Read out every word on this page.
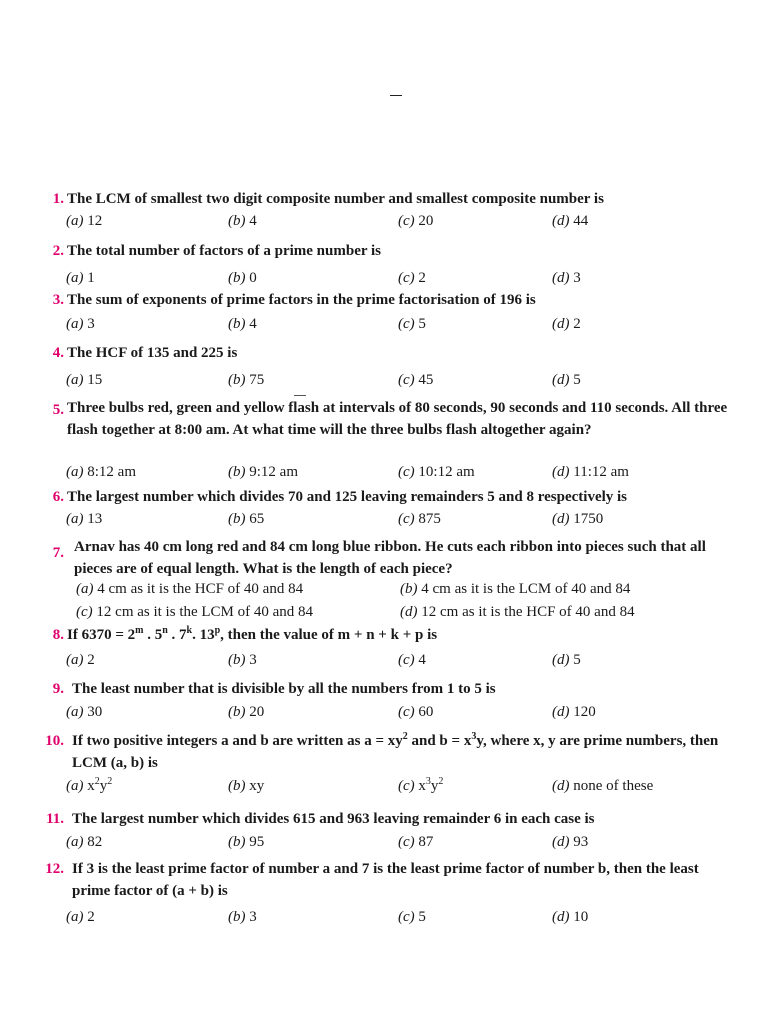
1. The LCM of smallest two digit composite number and smallest composite number is
(a) 12	(b) 4	(c) 20	(d) 44
2. The total number of factors of a prime number is
(a) 1	(b) 0	(c) 2	(d) 3
3. The sum of exponents of prime factors in the prime factorisation of 196 is
(a) 3	(b) 4	(c) 5	(d) 2
4. The HCF of 135 and 225 is
(a) 15	(b) 75	(c) 45	(d) 5
5. Three bulbs red, green and yellow flash at intervals of 80 seconds, 90 seconds and 110 seconds. All three flash together at 8:00 am. At what time will the three bulbs flash altogether again?
(a) 8:12 am	(b) 9:12 am	(c) 10:12 am	(d) 11:12 am
6. The largest number which divides 70 and 125 leaving remainders 5 and 8 respectively is
(a) 13	(b) 65	(c) 875	(d) 1750
7. Arnav has 40 cm long red and 84 cm long blue ribbon. He cuts each ribbon into pieces such that all pieces are of equal length. What is the length of each piece?
(a) 4 cm as it is the HCF of 40 and 84	(b) 4 cm as it is the LCM of 40 and 84
(c) 12 cm as it is the LCM of 40 and 84	(d) 12 cm as it is the HCF of 40 and 84
8. If $6370 = 2^m$ . 5$^n$ . 7$^k$. 13$^p$, then the value of m + n + k + p is
(a) 2	(b) 3	(c) 4	(d) 5
9. The least number that is divisible by all the numbers from 1 to 5 is
(a) 30	(b) 20	(c) 60	(d) 120
10. If two positive integers a and b are written as $a = xy^2$ and $b = x^3y$, where x, y are prime numbers, then LCM (a, b) is
(a) $x^2y^2$	(b) xy	(c) $x^3y^2$	(d) none of these
11. The largest number which divides 615 and 963 leaving remainder 6 in each case is
(a) 82	(b) 95	(c) 87	(d) 93
12. If 3 is the least prime factor of number a and 7 is the least prime factor of number b, then the least prime factor of (a + b) is
(a) 2	(b) 3	(c) 5	(d) 10
